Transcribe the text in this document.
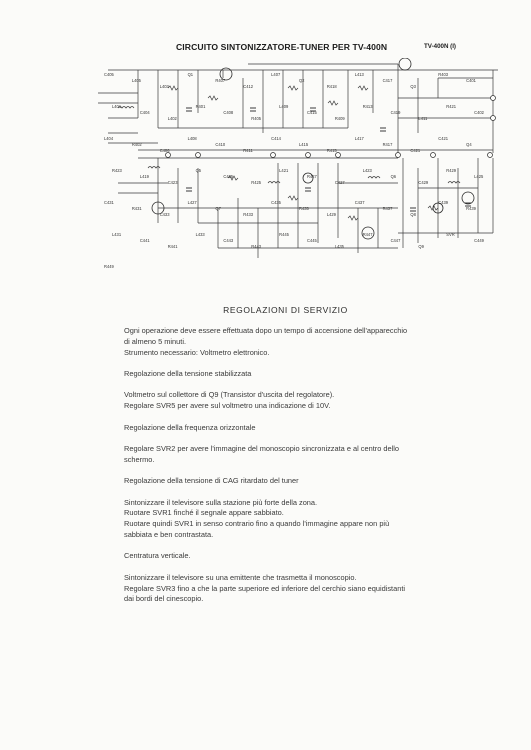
CIRCUITO SINTONIZZATORE-TUNER PER TV-400N	TV-400N (I)
C405
L405
L403
Q1
R407
C412
L407
Q2
R418
L413
C417
Q3
R403
C401
L401
C404
L402
R401
C408
R405
L409
C415
R409
R413
C419
L411
R421
C402
L404
R402
C406
L408
C410
R411
C414
L415
R415
L417
R417
C421
C421
Q4
R423
L419
C423
Q5
C425
R425
L421
R427
C427
L423
Q6
C429
R429
L425
C431
R431
C433
L427
Q7
R433
C435
R435
L429
C437
R437
Q8
C439
R439
L431
C441
R441
L433
C443
R443
R445
C445
L435
R447
C447
Q9
SVR
C449
R449
REGOLAZIONI DI SERVIZIO

Ogni operazione deve essere effettuata dopo un tempo di accensione dell'apparecchio

di almeno 5 minuti.

Strumento necessario: Voltmetro elettronico.

Regolazione della tensione stabilizzata

Voltmetro sul collettore di Q9 (Transistor d'uscita del regolatore).

Regolare SVR5 per avere sul voltmetro una indicazione di 10V.

Regolazione della frequenza orizzontale

Regolare SVR2 per avere l'immagine del monoscopio sincronizzata e al centro dello

schermo.

Regolazione della tensione di CAG ritardato del tuner

Sintonizzare il televisore sulla stazione più forte della zona.

Ruotare SVR1 finché il segnale appare sabbiato.

Ruotare quindi SVR1 in senso contrario fino a quando l'immagine appare non più

sabbiata e ben contrastata.

Centratura verticale.

Sintonizzare il televisore su una emittente che trasmetta il monoscopio.

Regolare SVR3 fino a che la parte superiore ed inferiore del cerchio siano equidistanti

dai bordi del cinescopio.
